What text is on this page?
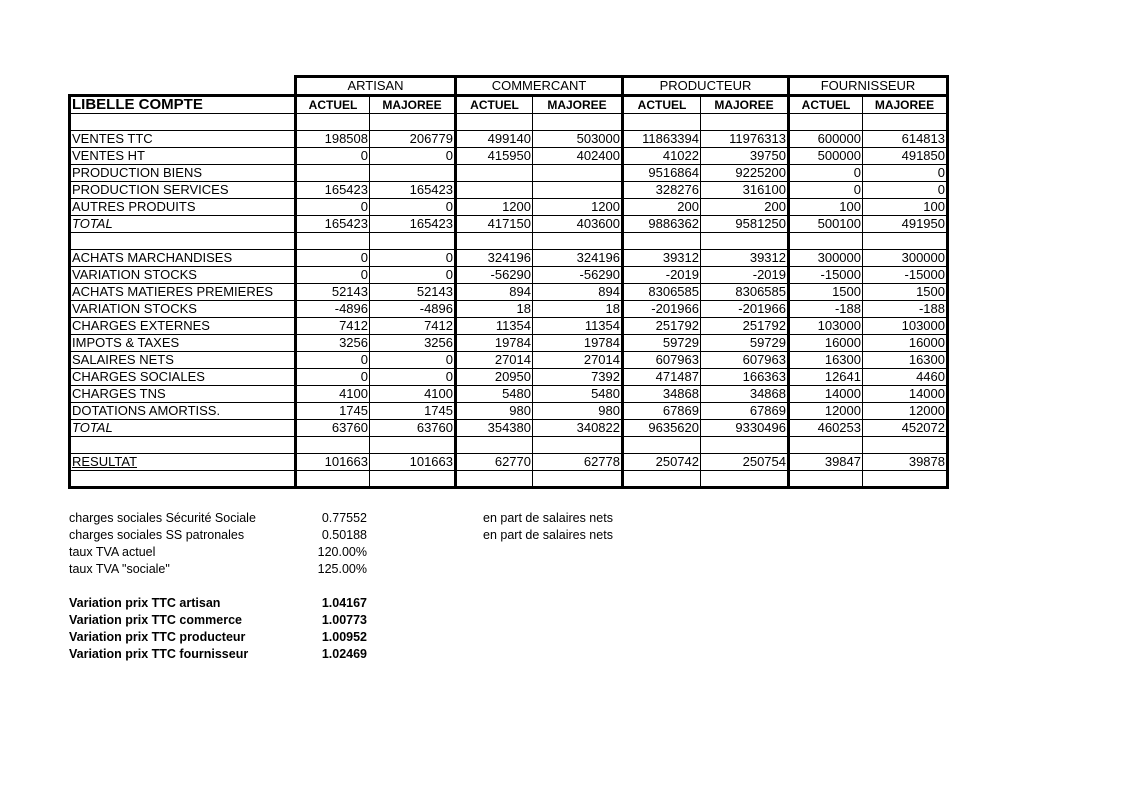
	ARTISAN		COMMERCANT		PRODUCTEUR		FOURNISSEUR	
LIBELLE COMPTE	ACTUEL	MAJOREE	ACTUEL	MAJOREE	ACTUEL	MAJOREE	ACTUEL	MAJOREE

VENTES TTC	198508	206779	499140	503000	11863394	11976313	600000	614813
VENTES HT	0	0	415950	402400	41022	39750	500000	491850
PRODUCTION BIENS					9516864	9225200	0	0
PRODUCTION SERVICES	165423	165423			328276	316100	0	0
AUTRES PRODUITS	0	0	1200	1200	200	200	100	100
TOTAL	165423	165423	417150	403600	9886362	9581250	500100	491950

ACHATS MARCHANDISES	0	0	324196	324196	39312	39312	300000	300000
VARIATION STOCKS	0	0	-56290	-56290	-2019	-2019	-15000	-15000
ACHATS MATIERES PREMIERES	52143	52143	894	894	8306585	8306585	1500	1500
VARIATION STOCKS	-4896	-4896	18	18	-201966	-201966	-188	-188
CHARGES EXTERNES	7412	7412	11354	11354	251792	251792	103000	103000
IMPOTS & TAXES	3256	3256	19784	19784	59729	59729	16000	16000
SALAIRES NETS	0	0	27014	27014	607963	607963	16300	16300
CHARGES SOCIALES	0	0	20950	7392	471487	166363	12641	4460
CHARGES TNS	4100	4100	5480	5480	34868	34868	14000	14000
DOTATIONS AMORTISS.	1745	1745	980	980	67869	67869	12000	12000
TOTAL	63760	63760	354380	340822	9635620	9330496	460253	452072

RESULTAT	101663	101663	62770	62778	250742	250754	39847	39878

charges sociales Sécurité Sociale	0.77552	en part de salaires nets
charges sociales SS patronales	0.50188	en part de salaires nets
taux TVA actuel	120.00%	
taux TVA "sociale"	125.00%	

Variation prix TTC artisan	1.04167	
Variation prix TTC commerce	1.00773	
Variation prix TTC producteur	1.00952	
Variation prix TTC fournisseur	1.02469	
